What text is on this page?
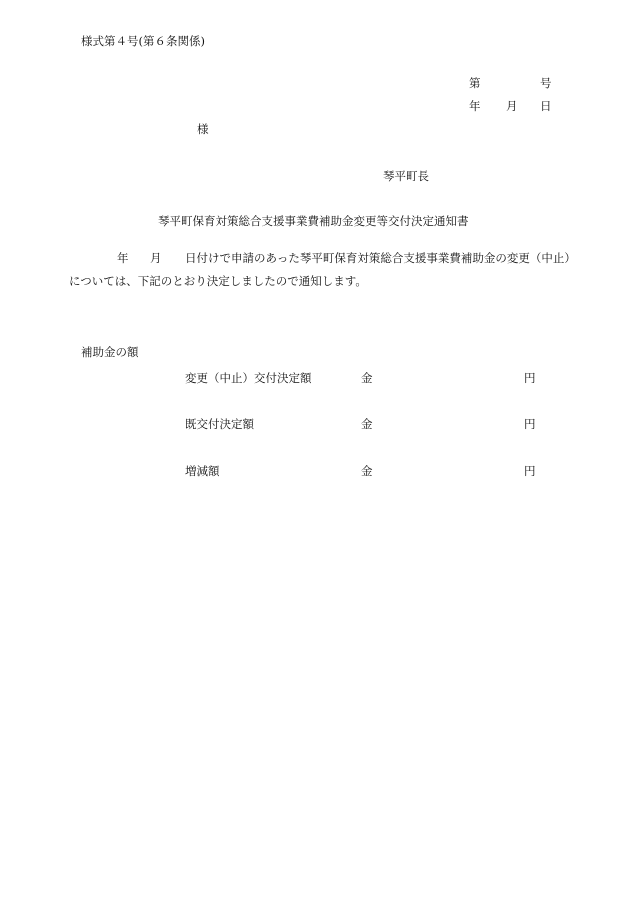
様式第４号(第６条関係)
第	号
年 月 日
様
琴平町長
琴平町保育対策総合支援事業費補助金変更等交付決定通知書
年 月 日付けで申請のあった琴平町保育対策総合支援事業費補助金の変更（中止）
については、下記のとおり決定しましたので通知します。
補助金の額
変更（中止）交付決定額	金	円
既交付決定額	金	円
増減額	金	円
